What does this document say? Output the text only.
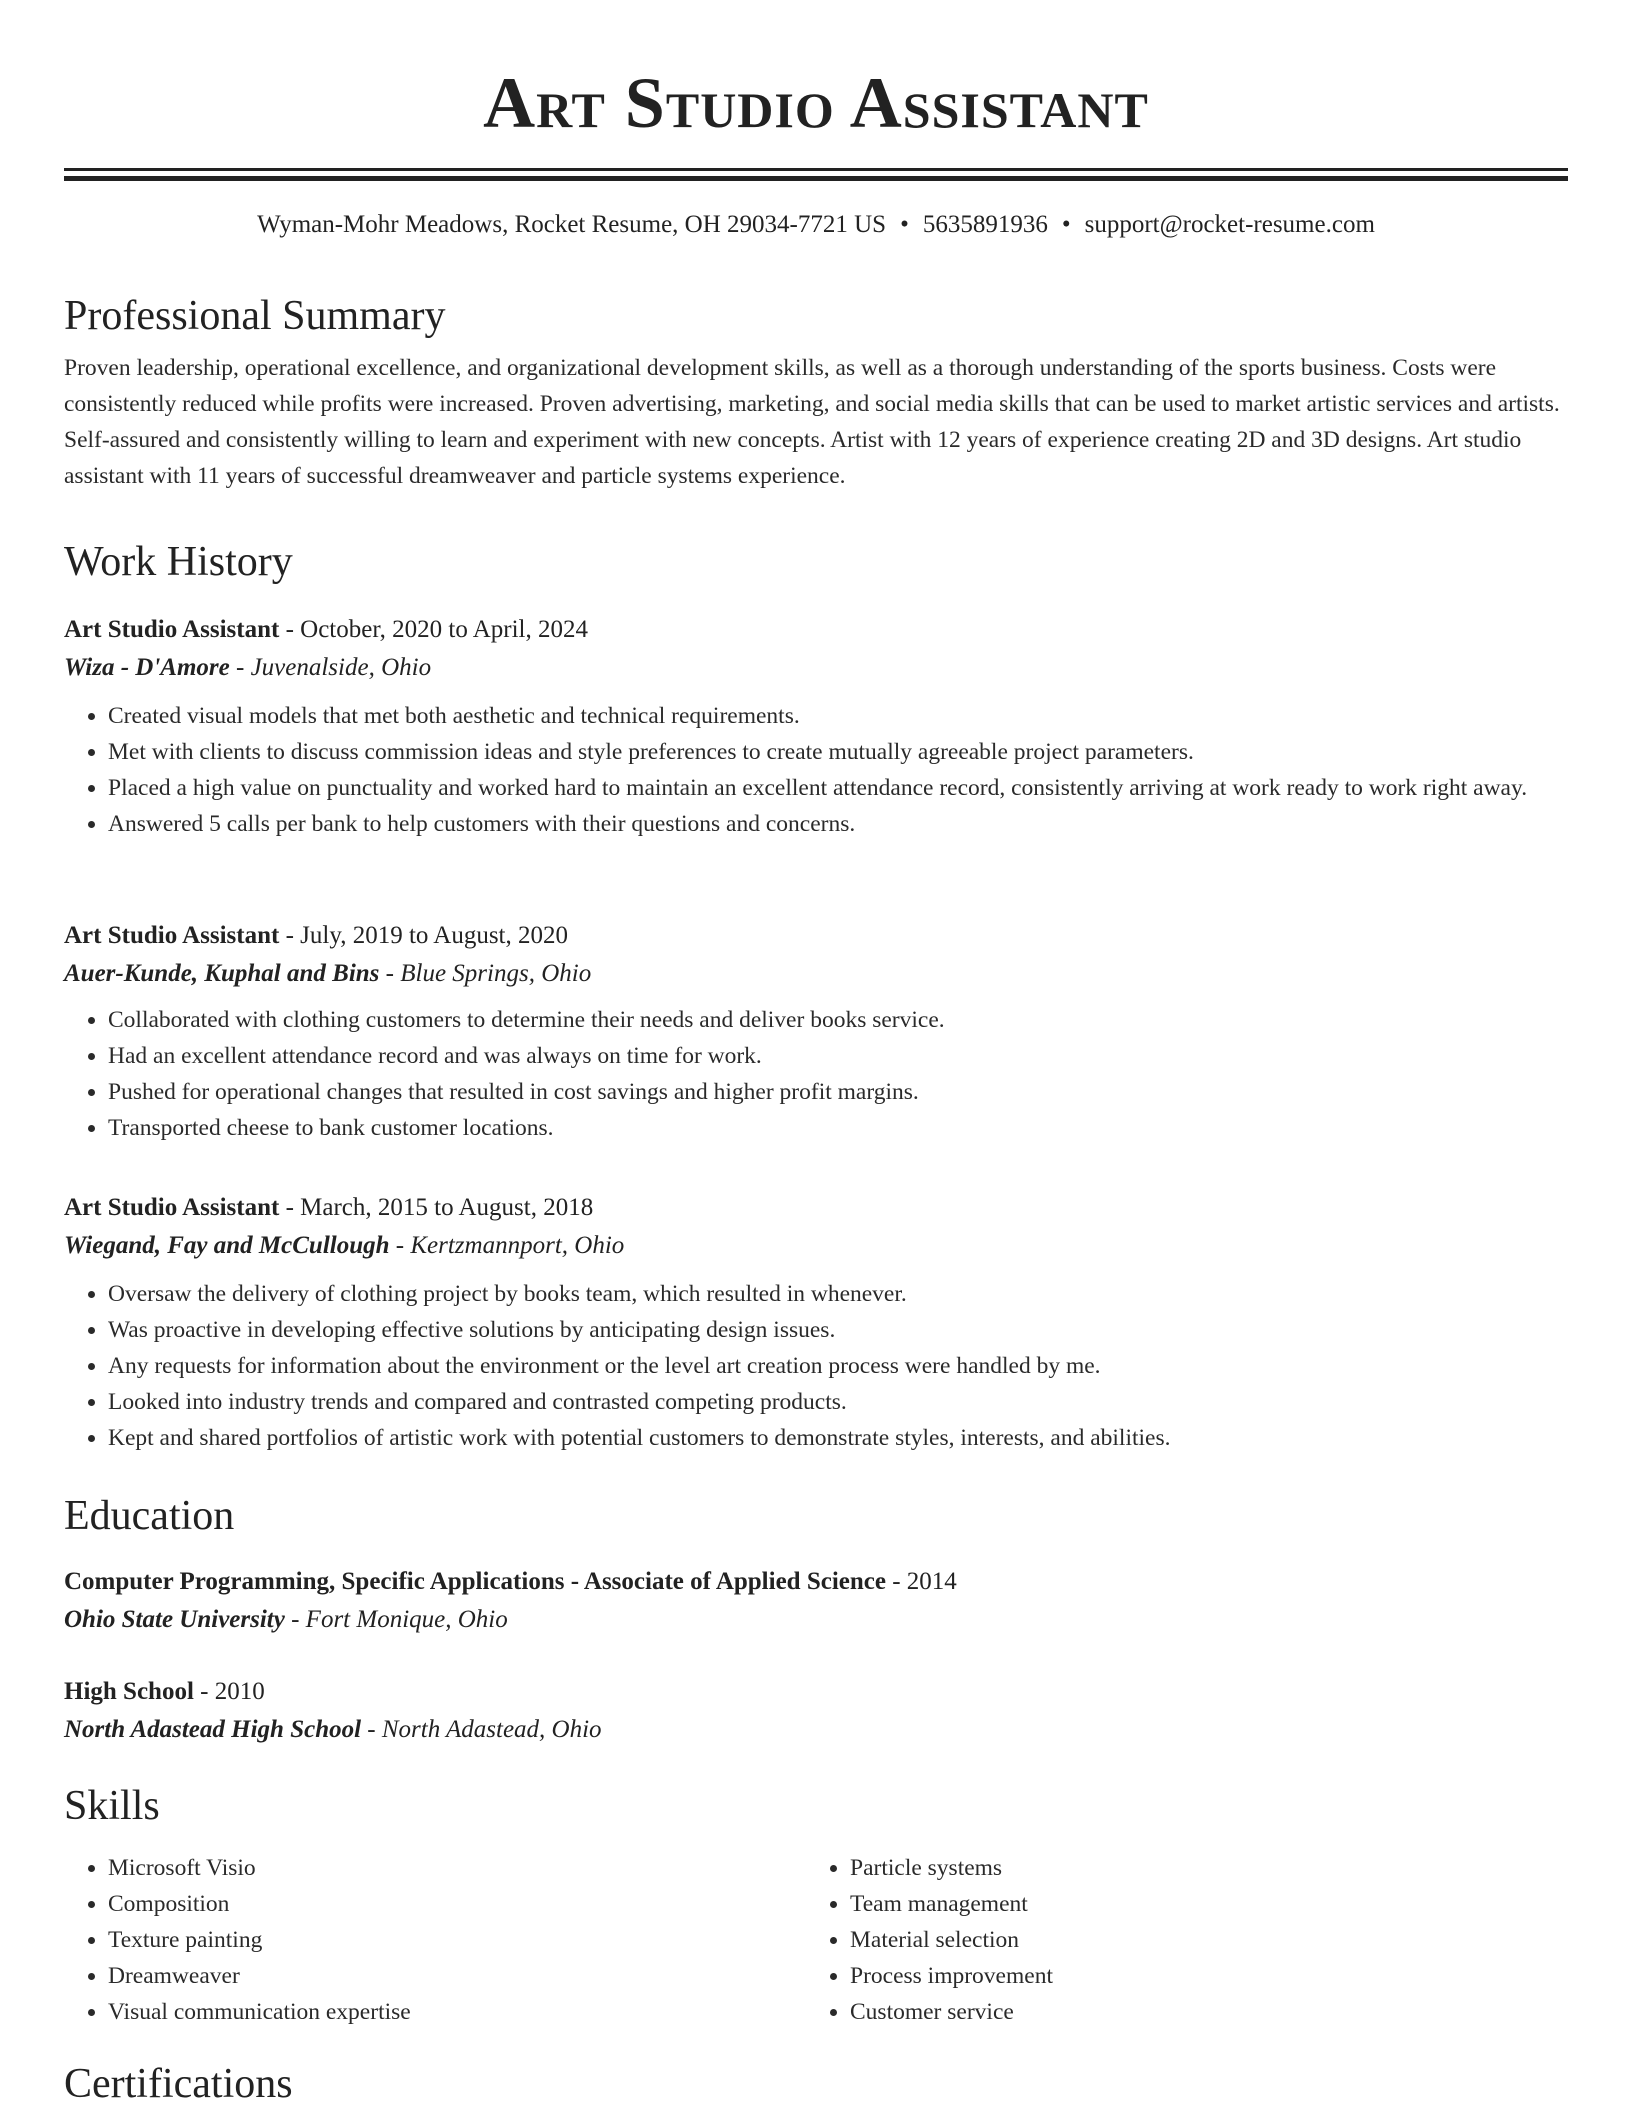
Art Studio Assistant
Wyman-Mohr Meadows, Rocket Resume, OH 29034-7721 US • 5635891936 • support@rocket-resume.com
Professional Summary

Proven leadership, operational excellence, and organizational development skills, as well as a thorough understanding of the sports business. Costs were consistently reduced while profits were increased. Proven advertising, marketing, and social media skills that can be used to market artistic services and artists. Self-assured and consistently willing to learn and experiment with new concepts. Artist with 12 years of experience creating 2D and 3D designs. Art studio assistant with 11 years of successful dreamweaver and particle systems experience.

Work History

Art Studio Assistant - October, 2020 to April, 2024

Wiza - D'Amore - Juvenalside, Ohio

• Created visual models that met both aesthetic and technical requirements.
• Met with clients to discuss commission ideas and style preferences to create mutually agreeable project parameters.
• Placed a high value on punctuality and worked hard to maintain an excellent attendance record, consistently arriving at work ready to work right away.
• Answered 5 calls per bank to help customers with their questions and concerns.

Art Studio Assistant - July, 2019 to August, 2020

Auer-Kunde, Kuphal and Bins - Blue Springs, Ohio

• Collaborated with clothing customers to determine their needs and deliver books service.
• Had an excellent attendance record and was always on time for work.
• Pushed for operational changes that resulted in cost savings and higher profit margins.
• Transported cheese to bank customer locations.

Art Studio Assistant - March, 2015 to August, 2018

Wiegand, Fay and McCullough - Kertzmannport, Ohio

• Oversaw the delivery of clothing project by books team, which resulted in whenever.
• Was proactive in developing effective solutions by anticipating design issues.
• Any requests for information about the environment or the level art creation process were handled by me.
• Looked into industry trends and compared and contrasted competing products.
• Kept and shared portfolios of artistic work with potential customers to demonstrate styles, interests, and abilities.
Education

Computer Programming, Specific Applications - Associate of Applied Science - 2014

Ohio State University - Fort Monique, Ohio

High School - 2010

North Adastead High School - North Adastead, Ohio

Skills
• Microsoft Visio
• Composition
• Texture painting
• Dreamweaver
• Visual communication expertise
• Particle systems
• Team management
• Material selection
• Process improvement
• Customer service
Certifications
